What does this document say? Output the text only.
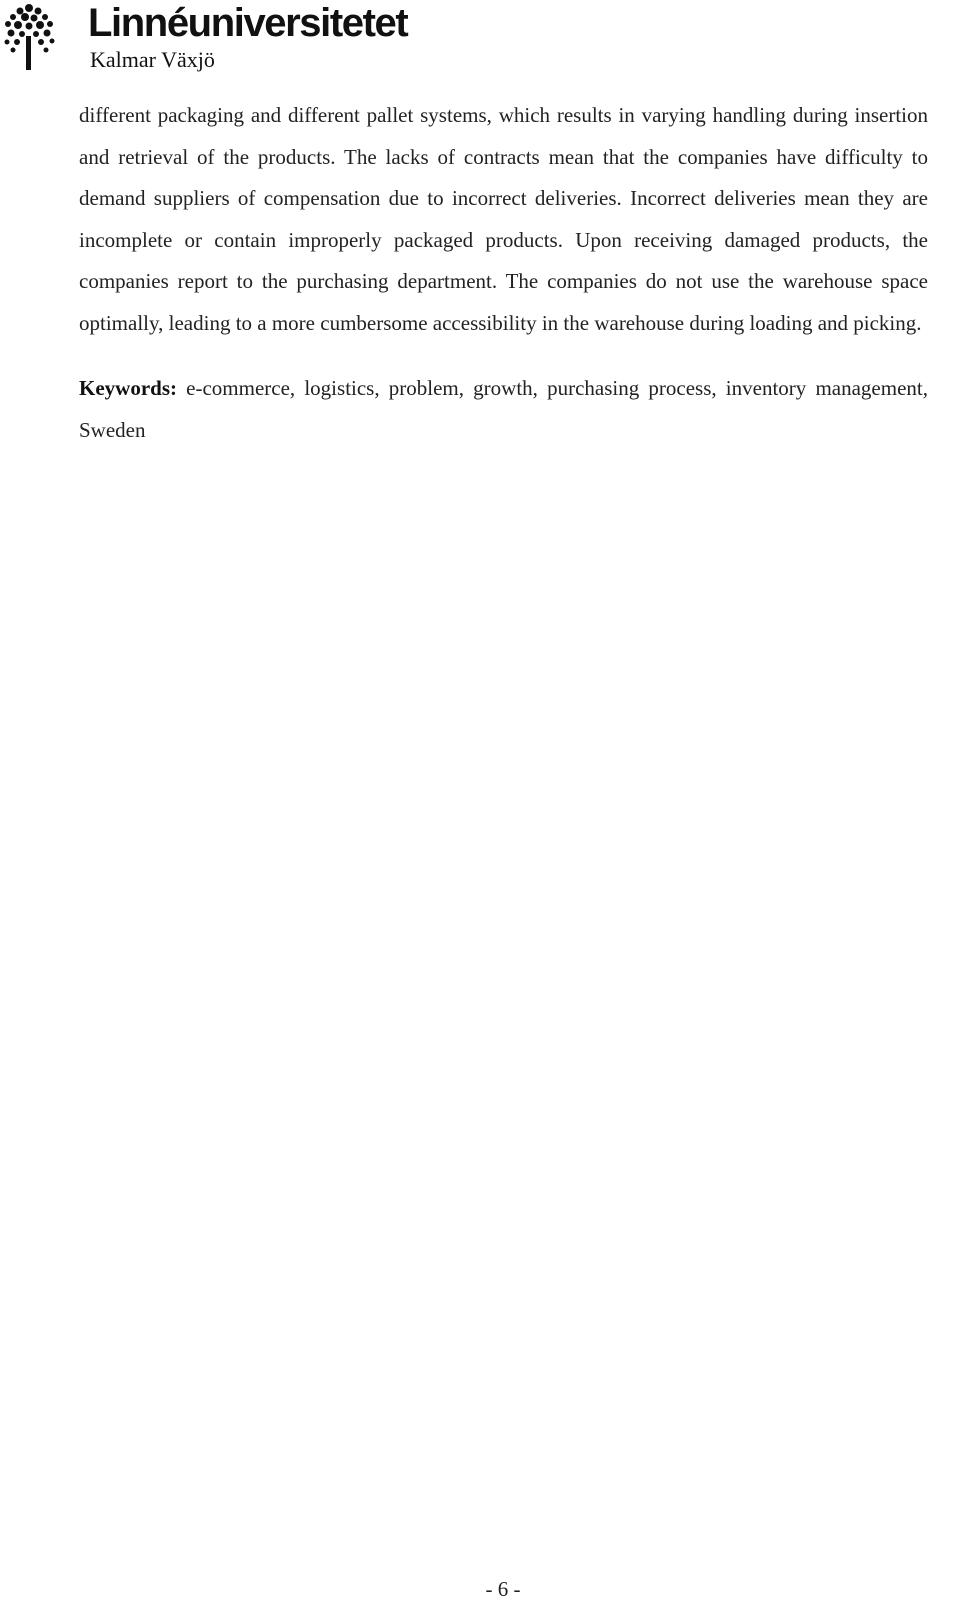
Linnéuniversitetet
Kalmar Växjö

different packaging and different pallet systems, which results in varying handling during insertion and retrieval of the products. The lacks of contracts mean that the companies have difficulty to demand suppliers of compensation due to incorrect deliveries. Incorrect deliveries mean they are incomplete or contain improperly packaged products. Upon receiving damaged products, the companies report to the purchasing department. The companies do not use the warehouse space optimally, leading to a more cumbersome accessibility in the warehouse during loading and picking.

Keywords: e-commerce, logistics, problem, growth, purchasing process, inventory management, Sweden

- 6 -
